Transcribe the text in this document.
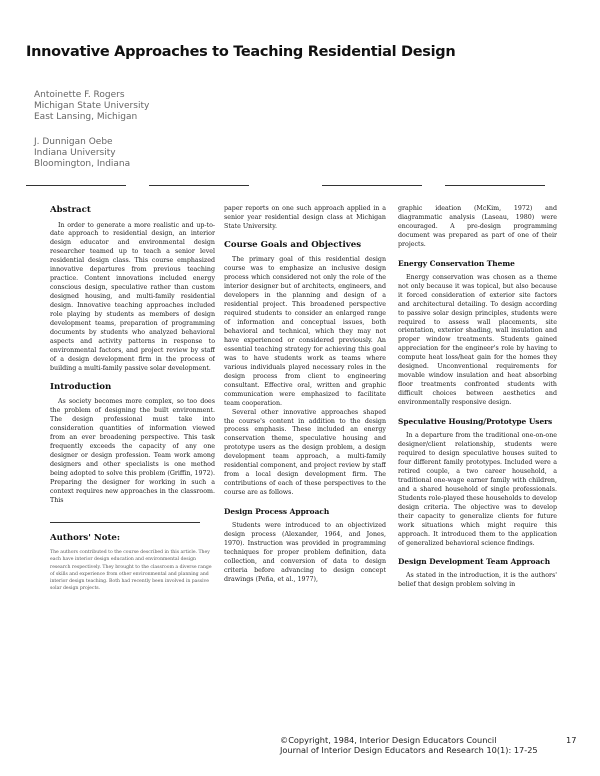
Innovative Approaches to Teaching Residential Design
Antoinette F. Rogers
Michigan State University
East Lansing, Michigan
J. Dunnigan Oebe
Indiana University
Bloomington, Indiana
Abstract

In order to generate a more realistic and up-to-date approach to residential design, an interior design educator and environmental design researcher teamed up to teach a senior level residential design class. This course emphasized innovative departures from previous teaching practice. Content innovations included energy conscious design, speculative rather than custom designed housing, and multi-family residential design. Innovative teaching approaches included role playing by students as members of design development teams, preparation of programming documents by students who analyzed behavioral aspects and activity patterns in response to environmental factors, and project review by staff of a design development firm in the process of building a multi-family passive solar development.

Introduction

As society becomes more complex, so too does the problem of designing the built environment. The design professional must take into consideration quantities of information viewed from an ever broadening perspective. This task frequently exceeds the capacity of any one designer or design profession. Team work among designers and other specialists is one method being adopted to solve this problem (Griffin, 1972). Preparing the designer for working in such a context requires new approaches in the classroom. This

Authors' Note:

The authors contributed to the course described in this article. They each have interior design education and environmental design research respectively. They brought to the classroom a diverse range of skills and experience from other environmental and planning and interior design teaching. Both had recently been involved in passive solar design projects.

paper reports on one such approach applied in a senior year residential design class at Michigan State University.

Course Goals and Objectives

The primary goal of this residential design course was to emphasize an inclusive design process which considered not only the role of the interior designer but of architects, engineers, and developers in the planning and design of a residential project. This broadened perspective required students to consider an enlarged range of information and conceptual issues, both behavioral and technical, which they may not have experienced or considered previously. An essential teaching strategy for achieving this goal was to have students work as teams where various individuals played necessary roles in the design process from client to engineering consultant. Effective oral, written and graphic communication were emphasized to facilitate team cooperation.

Several other innovative approaches shaped the course's content in addition to the design process emphasis. These included an energy conservation theme, speculative housing and prototype users as the design problem, a design development team approach, a multi-family residential component, and project review by staff from a local design development firm. The contributions of each of these perspectives to the course are as follows.

Design Process Approach

Students were introduced to an objectivized design process (Alexander, 1964, and Jones, 1970). Instruction was provided in programming techniques for proper problem definition, data collection, and conversion of data to design criteria before advancing to design concept drawings (Peña, et al., 1977),

graphic ideation (McKim, 1972) and diagrammatic analysis (Laseau, 1980) were encouraged. A pre-design programming document was prepared as part of one of their projects.

Energy Conservation Theme

Energy conservation was chosen as a theme not only because it was topical, but also because it forced consideration of exterior site factors and architectural detailing. To design according to passive solar design principles, students were required to assess wall placements, site orientation, exterior shading, wall insulation and proper window treatments. Students gained appreciation for the engineer's role by having to compute heat loss/heat gain for the homes they designed. Unconventional requirements for movable window insulation and heat absorbing floor treatments confronted students with difficult choices between aesthetics and environmentally responsive design.

Speculative Housing/Prototype Users

In a departure from the traditional one-on-one designer/client relationship, students were required to design speculative houses suited to four different family prototypes. Included were a retired couple, a two career household, a traditional one-wage earner family with children, and a shared household of single professionals. Students role-played these households to develop design criteria. The objective was to develop their capacity to generalize clients for future work situations which might require this approach. It introduced them to the application of generalized behavioral science findings.

Design Development Team Approach

As stated in the introduction, it is the authors' belief that design problem solving in

©Copyright, 1984, Interior Design Educators Council
Journal of Interior Design Educators and Research 10(1): 17-25
17
